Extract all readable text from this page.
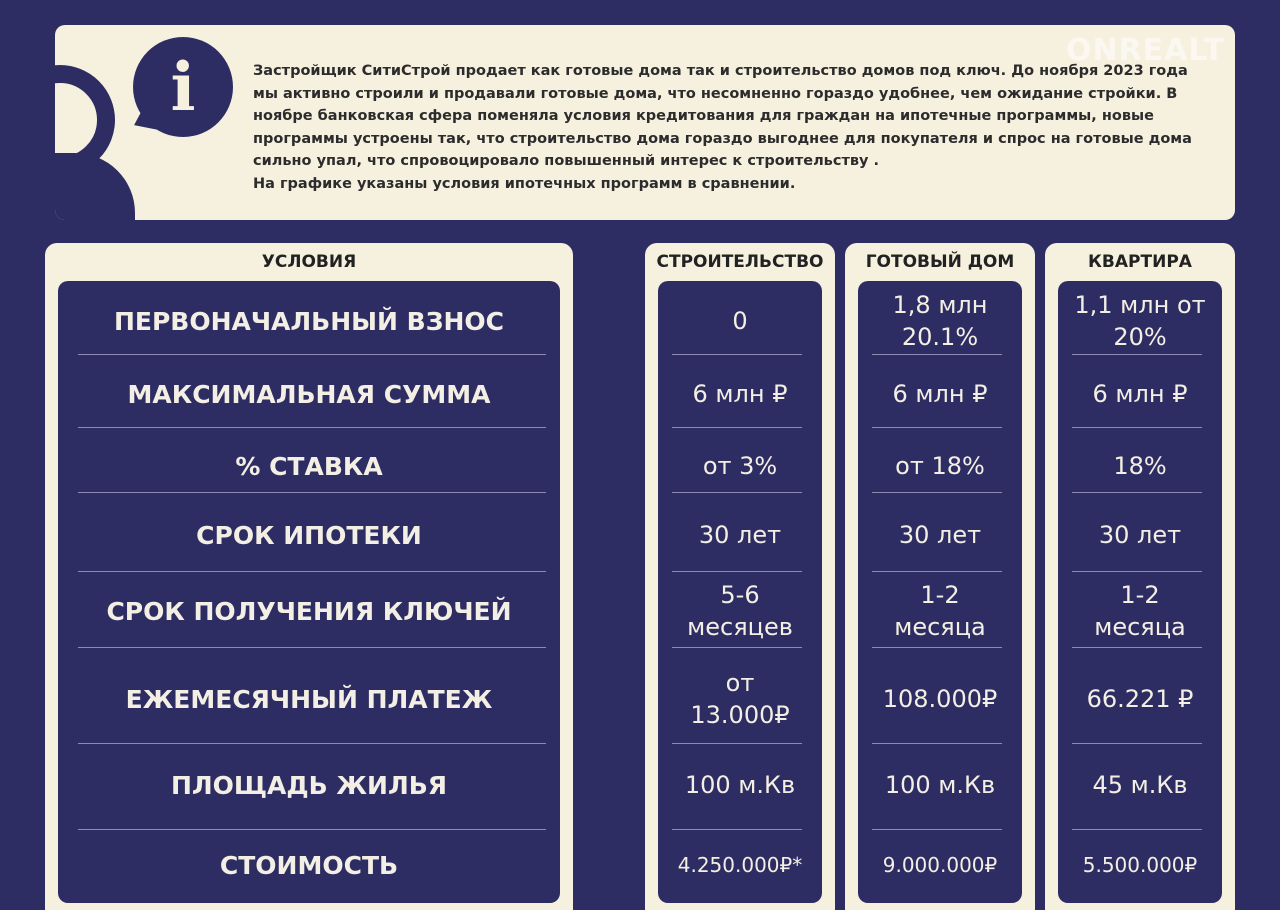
i	Застройщик СитиСтрой продает как готовые дома так и строительство домов под ключ. До ноября 2023 года

мы активно строили и продавали готовые дома, что несомненно гораздо удобнее, чем ожидание стройки. В

ноябре банковская сфера поменяла условия кредитования для граждан на ипотечные программы, новые

программы устроены так, что строительство дома гораздо выгоднее для покупателя и спрос на готовые дома

сильно упал, что спровоцировало повышенный интерес к строительству .

На графике указаны условия ипотечных программ в сравнении.

ONREALT
УСЛОВИЯ
ПЕРВОНАЧАЛЬНЫЙ ВЗНОС
МАКСИМАЛЬНАЯ СУММА
% СТАВКА
СРОК ИПОТЕКИ
СРОК ПОЛУЧЕНИЯ КЛЮЧЕЙ
ЕЖЕМЕСЯЧНЫЙ ПЛАТЕЖ
ПЛОЩАДЬ ЖИЛЬЯ
СТОИМОСТЬ
СТРОИТЕЛЬСТВО
0
6 млн ₽
от 3%
30 лет
5-6
месяцев
от
13.000₽
100 м.Кв
4.250.000₽*
ГОТОВЫЙ ДОМ
1,8 млн
20.1%
6 млн ₽
от 18%
30 лет
1-2
месяца
108.000₽
100 м.Кв
9.000.000₽
КВАРТИРА
1,1 млн от
20%
6 млн ₽
18%
30 лет
1-2
месяца
66.221 ₽
45 м.Кв
5.500.000₽
